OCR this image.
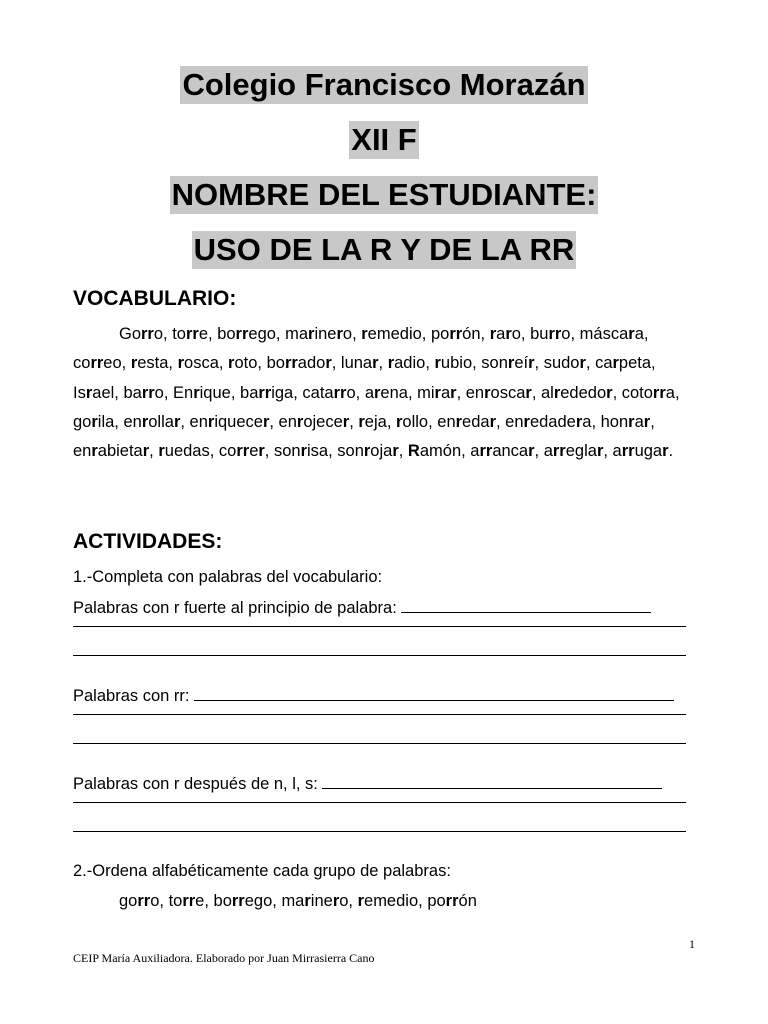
Colegio Francisco Morazán
XII F
NOMBRE DEL ESTUDIANTE:
USO DE LA R Y DE LA RR
VOCABULARIO:

Gorro, torre, borrego, marinero, remedio, porrón, raro, burro, máscara, correo, resta, rosca, roto, borrador, lunar, radio, rubio, sonreír, sudor, carpeta, Israel, barro, Enrique, barriga, catarro, arena, mirar, enroscar, alrededor, cotorra, gorila, enrollar, enriquecer, enrojecer, reja, rollo, enredar, enredadera, honrar, enrabietar, ruedas, correr, sonrisa, sonrojar, Ramón, arrancar, arreglar, arrugar.

ACTIVIDADES:
1.-Completa con palabras del vocabulario:
Palabras con r fuerte al principio de palabra:
Palabras con rr:
Palabras con r después de n, l, s:
2.-Ordena alfabéticamente cada grupo de palabras:
gorro, torre, borrego, marinero, remedio, porrón
1
CEIP María Auxiliadora. Elaborado por Juan Mirrasierra Cano
